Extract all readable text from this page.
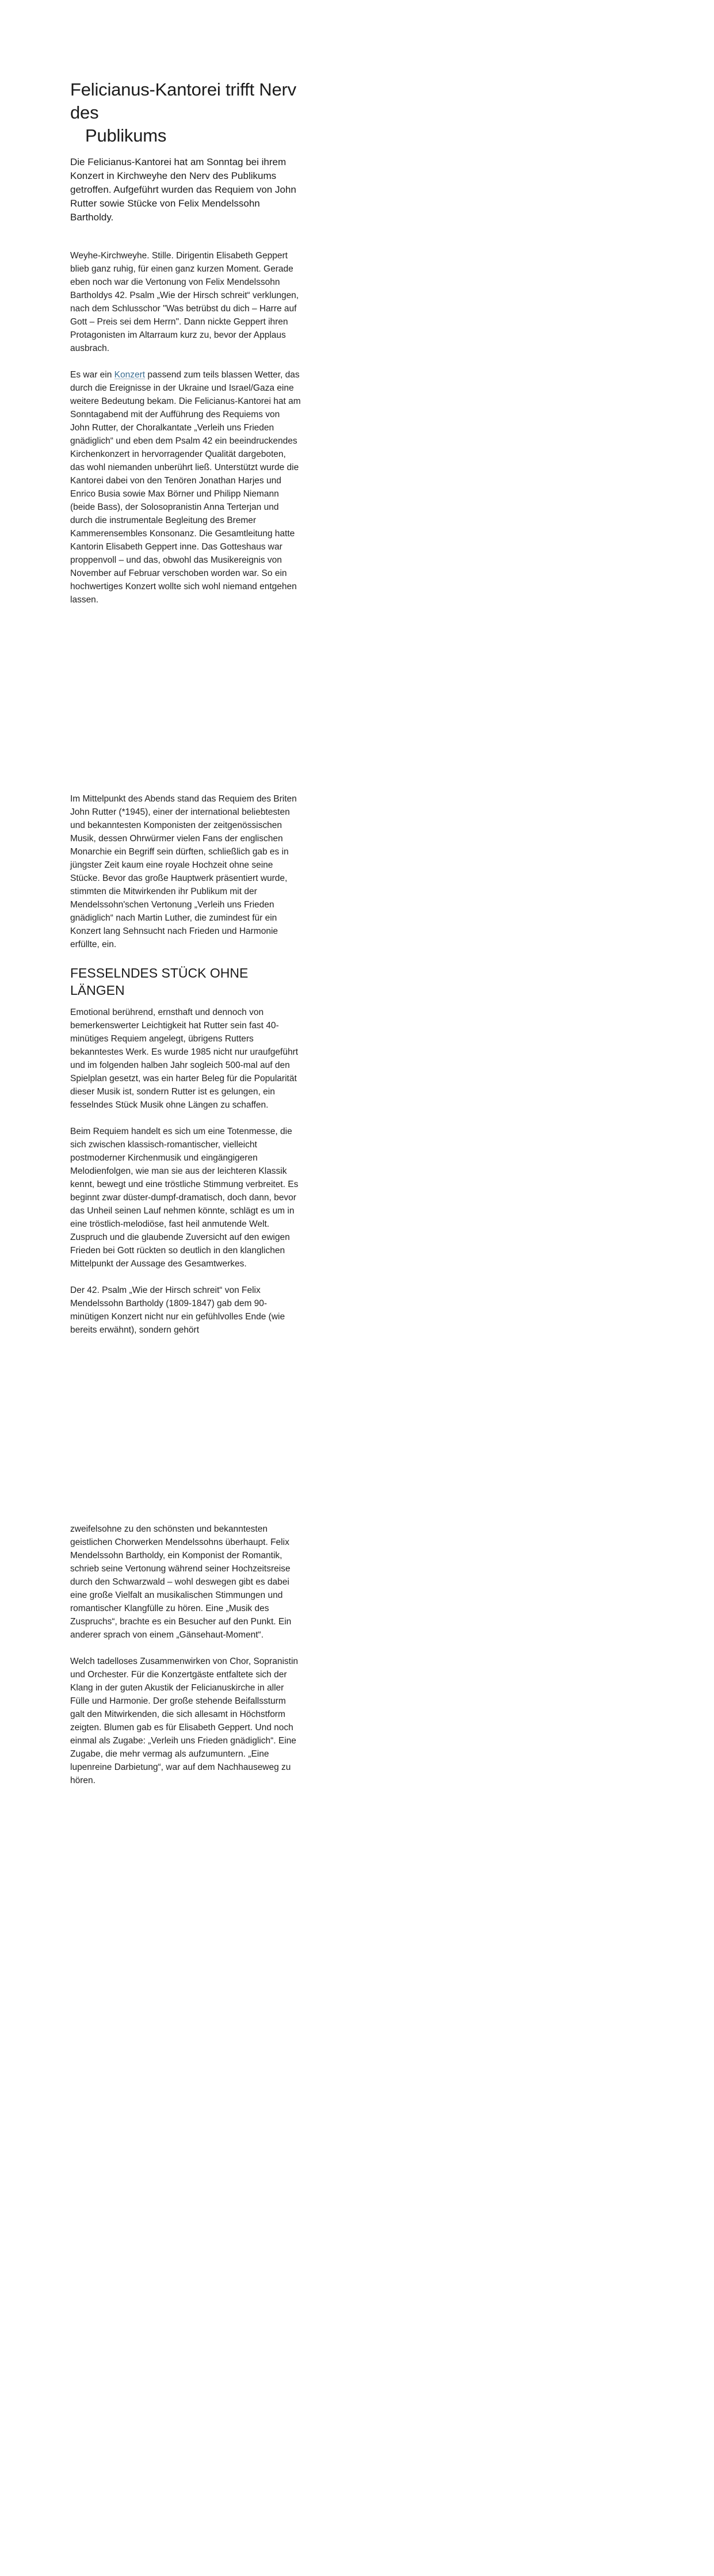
Felicianus-Kantorei trifft Nerv des
Publikums

Die Felicianus-Kantorei hat am Sonntag bei ihrem Konzert in Kirchweyhe den Nerv des Publikums getroffen. Aufgeführt wurden das Requiem von John Rutter sowie Stücke von Felix Mendelssohn Bartholdy.

Weyhe-Kirchweyhe. Stille. Dirigentin Elisabeth Geppert blieb ganz ruhig, für einen ganz kurzen Moment. Gerade eben noch war die Vertonung von Felix Mendelssohn Bartholdys 42. Psalm „Wie der Hirsch schreit“ verklungen, nach dem Schlusschor "Was betrübst du dich – Harre auf Gott – Preis sei dem Herrn". Dann nickte Geppert ihren Protagonisten im Altarraum kurz zu, bevor der Applaus ausbrach.

Es war ein Konzert passend zum teils blassen Wetter, das durch die Ereignisse in der Ukraine und Israel/Gaza eine weitere Bedeutung bekam. Die Felicianus-Kantorei hat am Sonntagabend mit der Aufführung des Requiems von John Rutter, der Choralkantate „Verleih uns Frieden gnädiglich“ und eben dem Psalm 42 ein beeindruckendes Kirchenkonzert in hervorragender Qualität dargeboten, das wohl niemanden unberührt ließ. Unterstützt wurde die Kantorei dabei von den Tenören Jonathan Harjes und Enrico Busia sowie Max Börner und Philipp Niemann (beide Bass), der Solosopranistin Anna Terterjan und durch die instrumentale Begleitung des Bremer Kammerensembles Konsonanz. Die Gesamtleitung hatte Kantorin Elisabeth Geppert inne. Das Gotteshaus war proppenvoll – und das, obwohl das Musikereignis von November auf Februar verschoben worden war. So ein hochwertiges Konzert wollte sich wohl niemand entgehen lassen.

Im Mittelpunkt des Abends stand das Requiem des Briten John Rutter (*1945), einer der international beliebtesten und bekanntesten Komponisten der zeitgenössischen Musik, dessen Ohrwürmer vielen Fans der englischen Monarchie ein Begriff sein dürften, schließlich gab es in jüngster Zeit kaum eine royale Hochzeit ohne seine Stücke. Bevor das große Hauptwerk präsentiert wurde, stimmten die Mitwirkenden ihr Publikum mit der Mendelssohn'schen Vertonung „Verleih uns Frieden gnädiglich“ nach Martin Luther, die zumindest für ein Konzert lang Sehnsucht nach Frieden und Harmonie erfüllte, ein.

FESSELNDES STÜCK OHNE LÄNGEN

Emotional berührend, ernsthaft und dennoch von bemerkenswerter Leichtigkeit hat Rutter sein fast 40-minütiges Requiem angelegt, übrigens Rutters bekanntestes Werk. Es wurde 1985 nicht nur uraufgeführt und im folgenden halben Jahr sogleich 500-mal auf den Spielplan gesetzt, was ein harter Beleg für die Popularität dieser Musik ist, sondern Rutter ist es gelungen, ein fesselndes Stück Musik ohne Längen zu schaffen.

Beim Requiem handelt es sich um eine Totenmesse, die sich zwischen klassisch-romantischer, vielleicht postmoderner Kirchenmusik und eingängigeren Melodienfolgen, wie man sie aus der leichteren Klassik kennt, bewegt und eine tröstliche Stimmung verbreitet. Es beginnt zwar düster-dumpf-dramatisch, doch dann, bevor das Unheil seinen Lauf nehmen könnte, schlägt es um in eine tröstlich-melodiöse, fast heil anmutende Welt. Zuspruch und die glaubende Zuversicht auf den ewigen Frieden bei Gott rückten so deutlich in den klanglichen Mittelpunkt der Aussage des Gesamtwerkes.

Der 42. Psalm „Wie der Hirsch schreit“ von Felix Mendelssohn Bartholdy (1809-1847) gab dem 90-minütigen Konzert nicht nur ein gefühlvolles Ende (wie bereits erwähnt), sondern gehört

zweifelsohne zu den schönsten und bekanntesten geistlichen Chorwerken Mendelssohns überhaupt. Felix Mendelssohn Bartholdy, ein Komponist der Romantik, schrieb seine Vertonung während seiner Hochzeitsreise durch den Schwarzwald – wohl deswegen gibt es dabei eine große Vielfalt an musikalischen Stimmungen und romantischer Klangfülle zu hören. Eine „Musik des Zuspruchs“, brachte es ein Besucher auf den Punkt. Ein anderer sprach von einem „Gänsehaut-Moment“.

Welch tadelloses Zusammenwirken von Chor, Sopranistin und Orchester. Für die Konzertgäste entfaltete sich der Klang in der guten Akustik der Felicianuskirche in aller Fülle und Harmonie. Der große stehende Beifallssturm galt den Mitwirkenden, die sich allesamt in Höchstform zeigten. Blumen gab es für Elisabeth Geppert. Und noch einmal als Zugabe: „Verleih uns Frieden gnädiglich“. Eine Zugabe, die mehr vermag als aufzumuntern. „Eine lupenreine Darbietung“, war auf dem Nachhauseweg zu hören.
